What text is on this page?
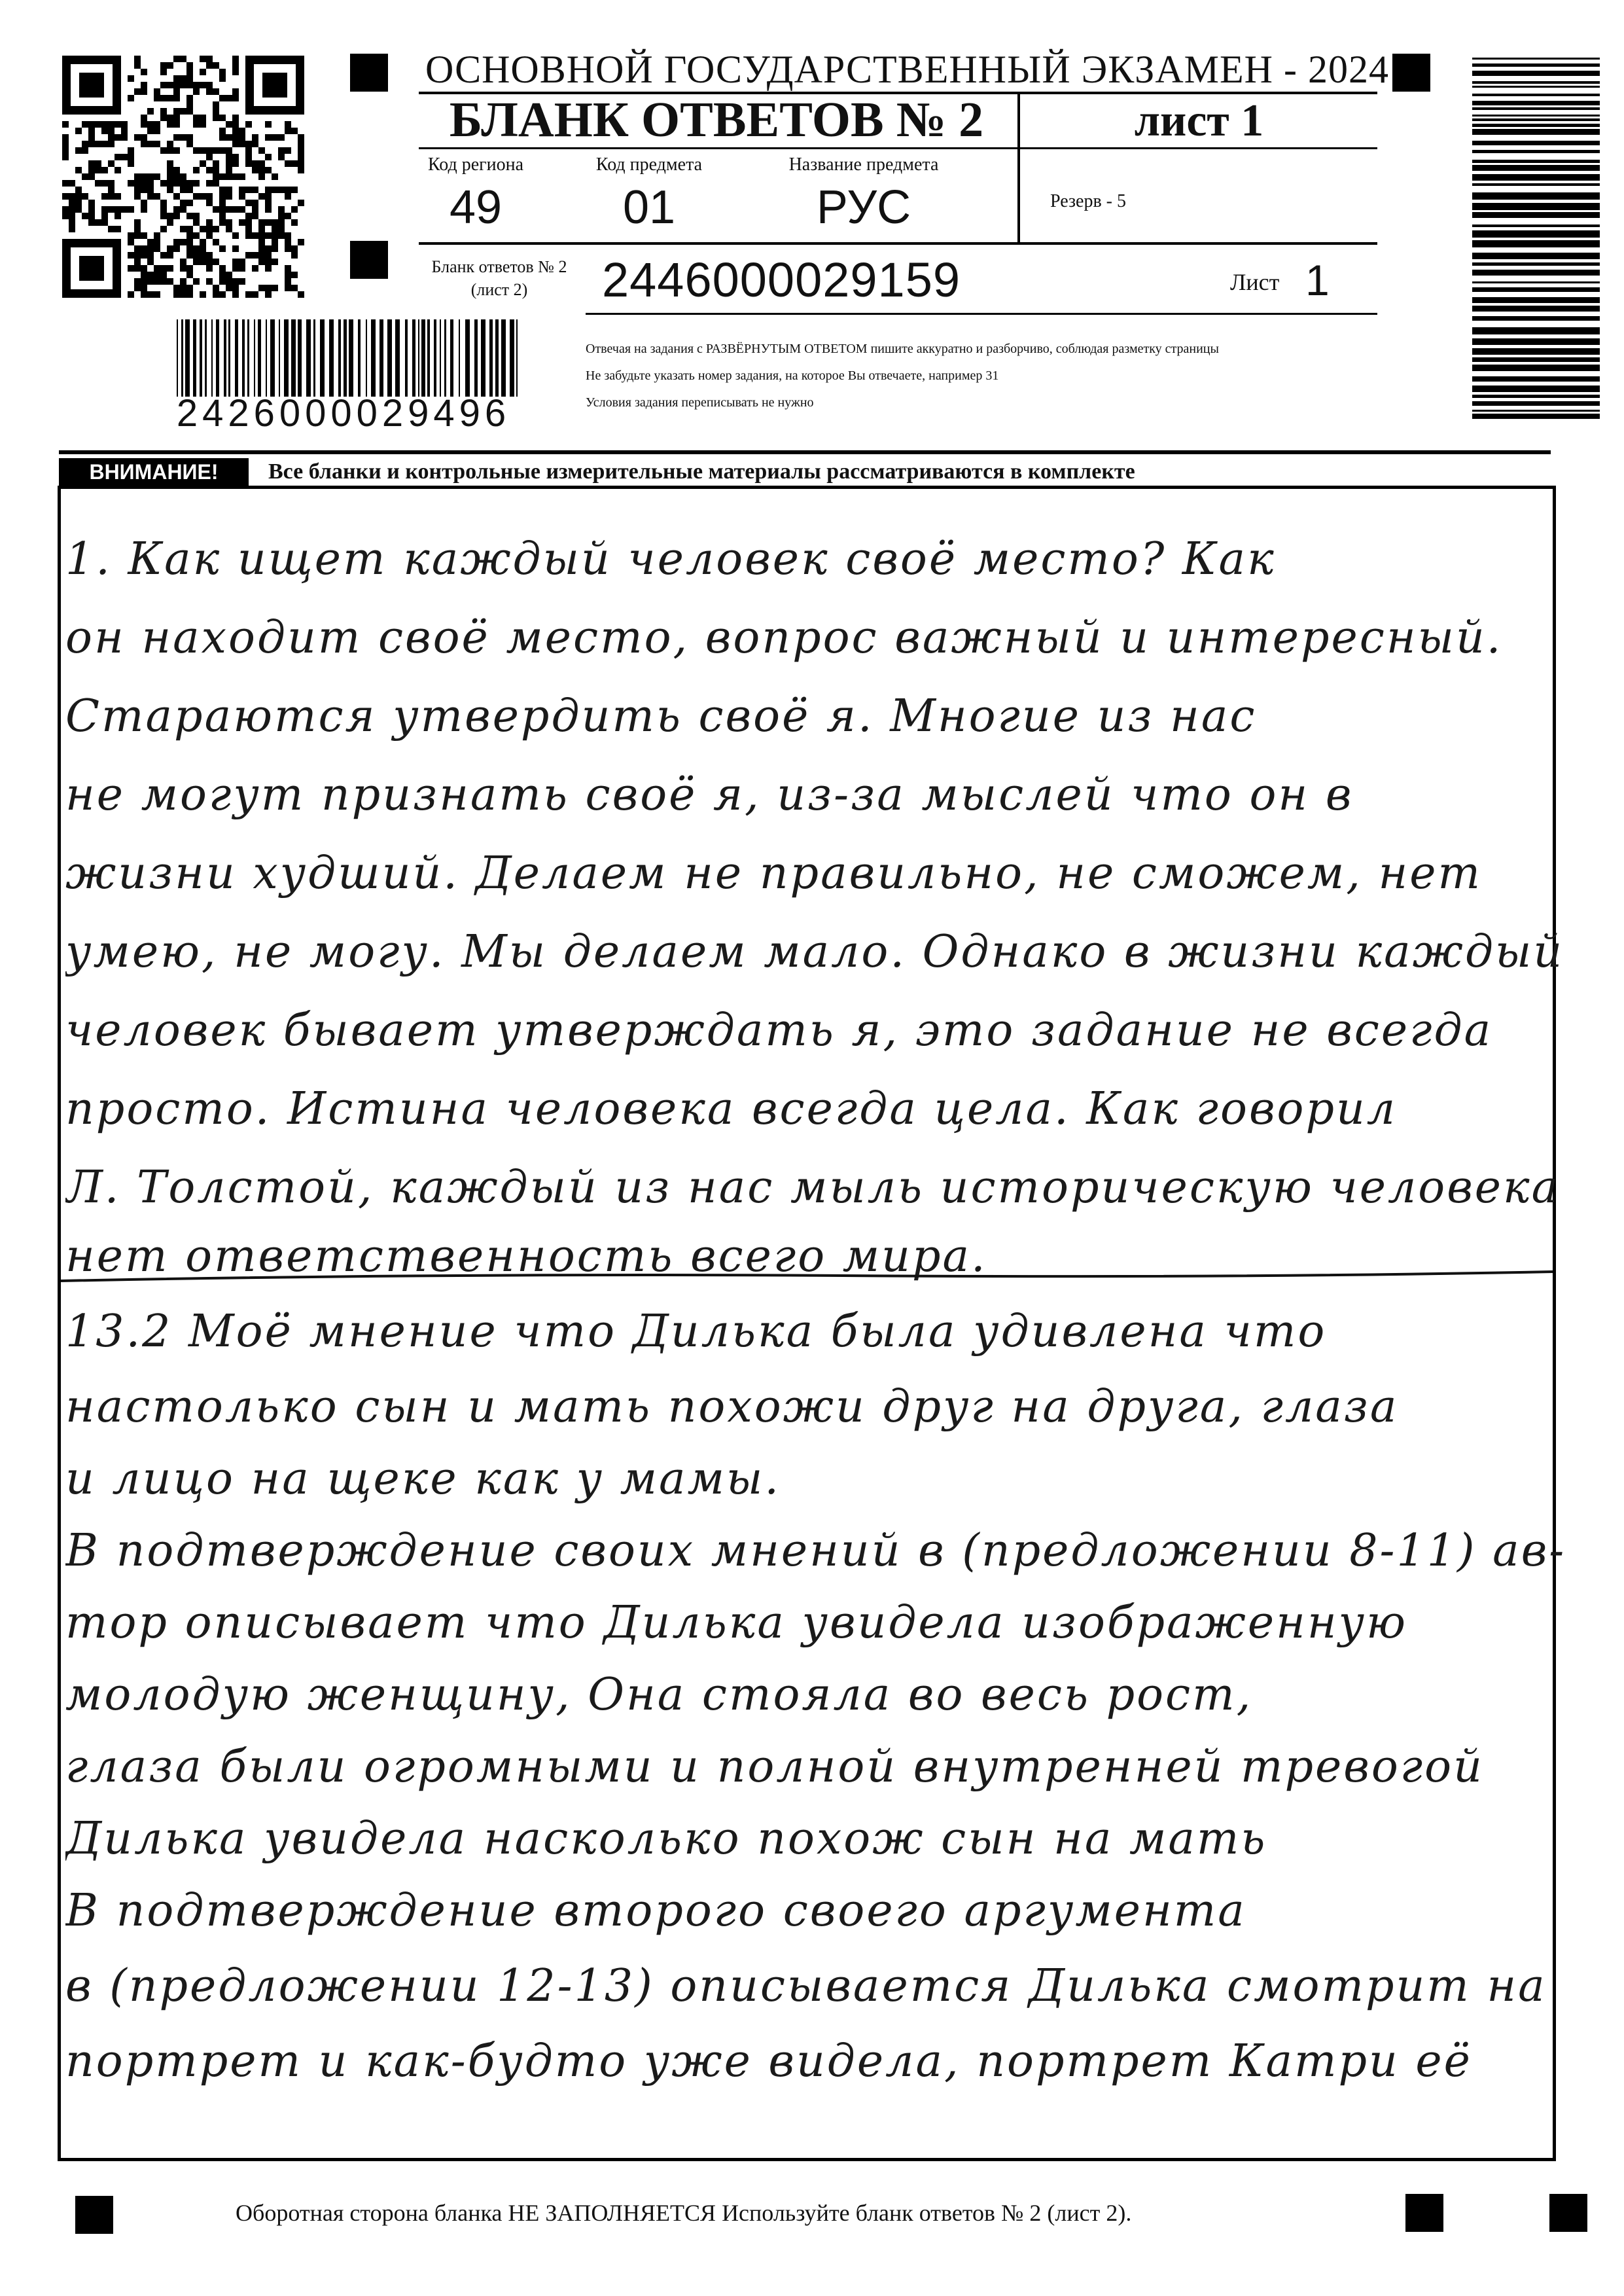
ОСНОВНОЙ ГОСУДАРСТВЕННЫЙ ЭКЗАМЕН - 2024
БЛАНК ОТВЕТОВ № 2	лист 1
Код региона
49
Код предмета
01
Название предмета
РУС	Резерв - 5
Бланк ответов № 2
(лист 2)	2446000029159	Лист 1
2426000029496
Отвечая на задания с РАЗВЁРНУТЫМ ОТВЕТОМ пишите аккуратно и разборчиво, соблюдая разметку страницы
Не забудьте указать номер задания, на которое Вы отвечаете, например 31
Условия задания переписывать не нужно
ВНИМАНИЕ!	Все бланки и контрольные измерительные материалы рассматриваются в комплекте
1. Как ищет каждый человек своё место? Как
он находит своё место, вопрос важный и интересный.
Стараются утвердить своё я. Многие из нас
не могут признать своё я, из-за мыслей что он в
жизни худший. Делаем не правильно, не сможем, нет
умею, не могу. Мы делаем мало. Однако в жизни каждый
человек бывает утверждать я, это задание не всегда
просто. Истина человека всегда цела. Как говорил
Л. Толстой, каждый из нас мыль историческую человека
нет ответственность всего мира.
13.2 Моё мнение что Дилька была удивлена что
настолько сын и мать похожи друг на друга, глаза
и лицо на щеке как у мамы.
В подтверждение своих мнений в (предложении 8-11) ав-
тор описывает что Дилька увидела изображенную
молодую женщину, Она стояла во весь рост,
глаза были огромными и полной внутренней тревогой
Дилька увидела насколько похож сын на мать
В подтверждение второго своего аргумента
в (предложении 12-13) описывается Дилька смотрит на
портрет и как-будто уже видела, портрет Катри её
Оборотная сторона бланка НЕ ЗАПОЛНЯЕТСЯ Используйте бланк ответов № 2 (лист 2).
